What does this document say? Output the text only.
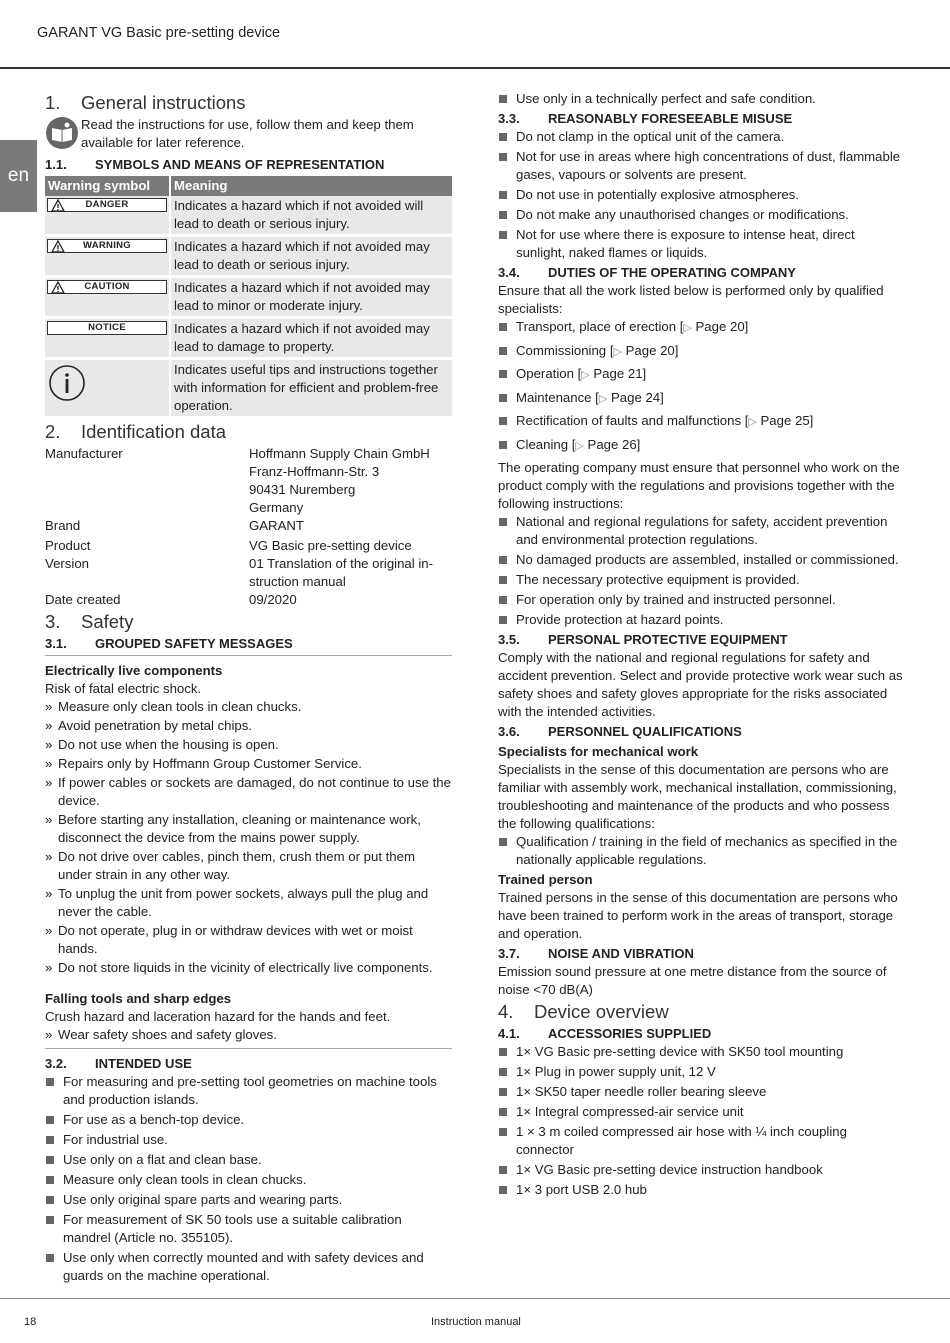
GARANT VG Basic pre-setting device
en
1.	General instructions

Read the instructions for use, follow them and keep them available for later reference.

1.1.	SYMBOLS AND MEANS OF REPRESENTATION
Warning symbol	Meaning

DANGER	Indicates a hazard which if not avoided will lead to death or serious injury.

WARNING	Indicates a hazard which if not avoided may lead to death or serious injury.

CAUTION	Indicates a hazard which if not avoided may lead to minor or moderate injury.

NOTICE	Indicates a hazard which if not avoided may lead to damage to property.
	Indicates useful tips and instructions together with information for efficient and problem-free operation.
2.	Identification data
Manufacturer	Hoffmann Supply Chain GmbH
Franz-Hoffmann-Str. 3
90431 Nuremberg
Germany
Brand	GARANT
Product	VG Basic pre-setting device
Version	01 Translation of the original in-
struction manual
Date created	09/2020
3.	Safety
3.1.	GROUPED SAFETY MESSAGES
Electrically live components

Risk of fatal electric shock.

» Measure only clean tools in clean chucks.
» Avoid penetration by metal chips.
» Do not use when the housing is open.
» Repairs only by Hoffmann Group Customer Service.
» If power cables or sockets are damaged, do not continue to use the device.
» Before starting any installation, cleaning or maintenance work, disconnect the device from the mains power supply.
» Do not drive over cables, pinch them, crush them or put them under strain in any other way.
» To unplug the unit from power sockets, always pull the plug and never the cable.
» Do not operate, plug in or withdraw devices with wet or moist hands.
» Do not store liquids in the vicinity of electrically live components.
Falling tools and sharp edges

Crush hazard and laceration hazard for the hands and feet.

» Wear safety shoes and safety gloves.
3.2.	INTENDED USE
For measuring and pre-setting tool geometries on machine tools and production islands.
For use as a bench-top device.
For industrial use.
Use only on a flat and clean base.
Measure only clean tools in clean chucks.
Use only original spare parts and wearing parts.
For measurement of SK 50 tools use a suitable calibration mandrel (Article no. 355105).
Use only when correctly mounted and with safety devices and guards on the machine operational.
Use only in a technically perfect and safe condition.
3.3.	REASONABLY FORESEEABLE MISUSE
Do not clamp in the optical unit of the camera.
Not for use in areas where high concentrations of dust, flammable gases, vapours or solvents are present.
Do not use in potentially explosive atmospheres.
Do not make any unauthorised changes or modifications.
Not for use where there is exposure to intense heat, direct sunlight, naked flames or liquids.
3.4.	DUTIES OF THE OPERATING COMPANY

Ensure that all the work listed below is performed only by qualified specialists:

Transport, place of erection [▷ Page 20]
Commissioning [▷ Page 20]
Operation [▷ Page 21]
Maintenance [▷ Page 24]
Rectification of faults and malfunctions [▷ Page 25]
Cleaning [▷ Page 26]

The operating company must ensure that personnel who work on the product comply with the regulations and provisions together with the following instructions:

National and regional regulations for safety, accident prevention and environmental protection regulations.
No damaged products are assembled, installed or commissioned.
The necessary protective equipment is provided.
For operation only by trained and instructed personnel.
Provide protection at hazard points.
3.5.	PERSONAL PROTECTIVE EQUIPMENT

Comply with the national and regional regulations for safety and accident prevention. Select and provide protective work wear such as safety shoes and safety gloves appropriate for the risks associated with the intended activities.

3.6.	PERSONNEL QUALIFICATIONS
Specialists for mechanical work

Specialists in the sense of this documentation are persons who are familiar with assembly work, mechanical installation, commissioning, troubleshooting and maintenance of the products and who possess the following qualifications:

Qualification / training in the field of mechanics as specified in the nationally applicable regulations.
Trained person

Trained persons in the sense of this documentation are persons who have been trained to perform work in the areas of transport, storage and operation.

3.7.	NOISE AND VIBRATION

Emission sound pressure at one metre distance from the source of noise <70 dB(A)

4.	Device overview
4.1.	ACCESSORIES SUPPLIED
1× VG Basic pre-setting device with SK50 tool mounting
1× Plug in power supply unit, 12 V
1× SK50 taper needle roller bearing sleeve
1× Integral compressed-air service unit
1 × 3 m coiled compressed air hose with ¼ inch coupling connector
1× VG Basic pre-setting device instruction handbook
1× 3 port USB 2.0 hub
18	Instruction manual
